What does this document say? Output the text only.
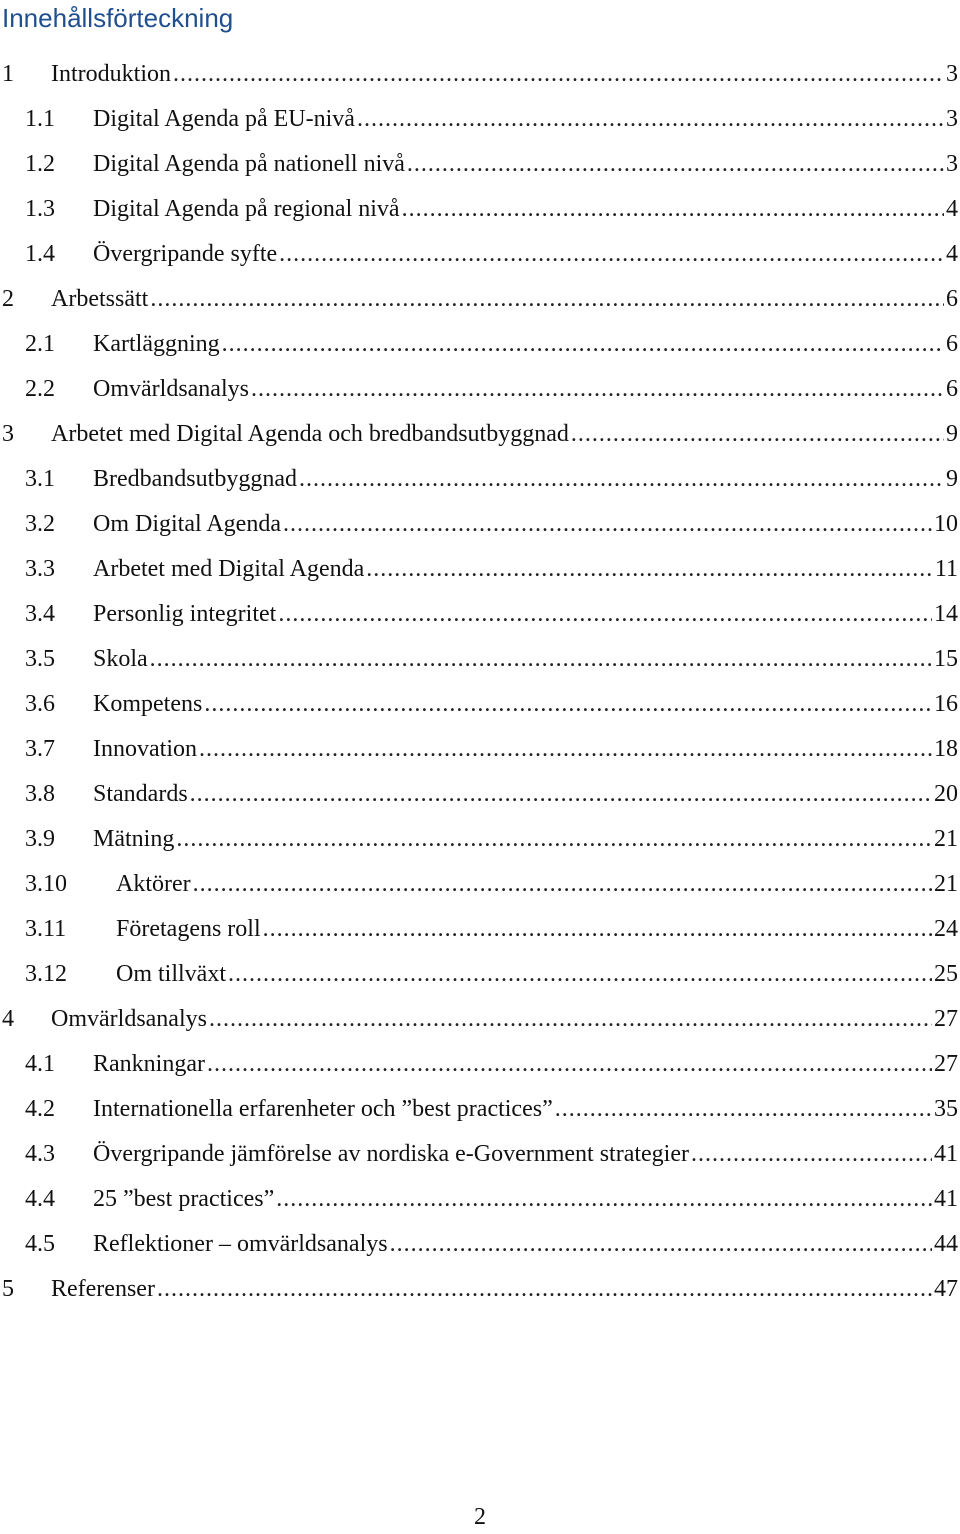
Innehållsförteckning
1	Introduktion .....	3
1.1	Digital Agenda på EU-nivå .....	3
1.2	Digital Agenda på nationell nivå .....	3
1.3	Digital Agenda på regional nivå .....	4
1.4	Övergripande syfte .....	4
2	Arbetssätt .....	6
2.1	Kartläggning .....	6
2.2	Omvärldsanalys .....	6
3	Arbetet med Digital Agenda och bredbandsutbyggnad .....	9
3.1	Bredbandsutbyggnad .....	9
3.2	Om Digital Agenda .....	10
3.3	Arbetet med Digital Agenda .....	11
3.4	Personlig integritet .....	14
3.5	Skola .....	15
3.6	Kompetens .....	16
3.7	Innovation .....	18
3.8	Standards .....	20
3.9	Mätning .....	21
3.10	Aktörer .....	21
3.11	Företagens roll .....	24
3.12	Om tillväxt .....	25
4	Omvärldsanalys .....	27
4.1	Rankningar .....	27
4.2	Internationella erfarenheter och ”best practices” .....	35
4.3	Övergripande jämförelse av nordiska e-Government strategier .....	41
4.4	25 ”best practices” .....	41
4.5	Reflektioner – omvärldsanalys .....	44
5	Referenser .....	47
2
